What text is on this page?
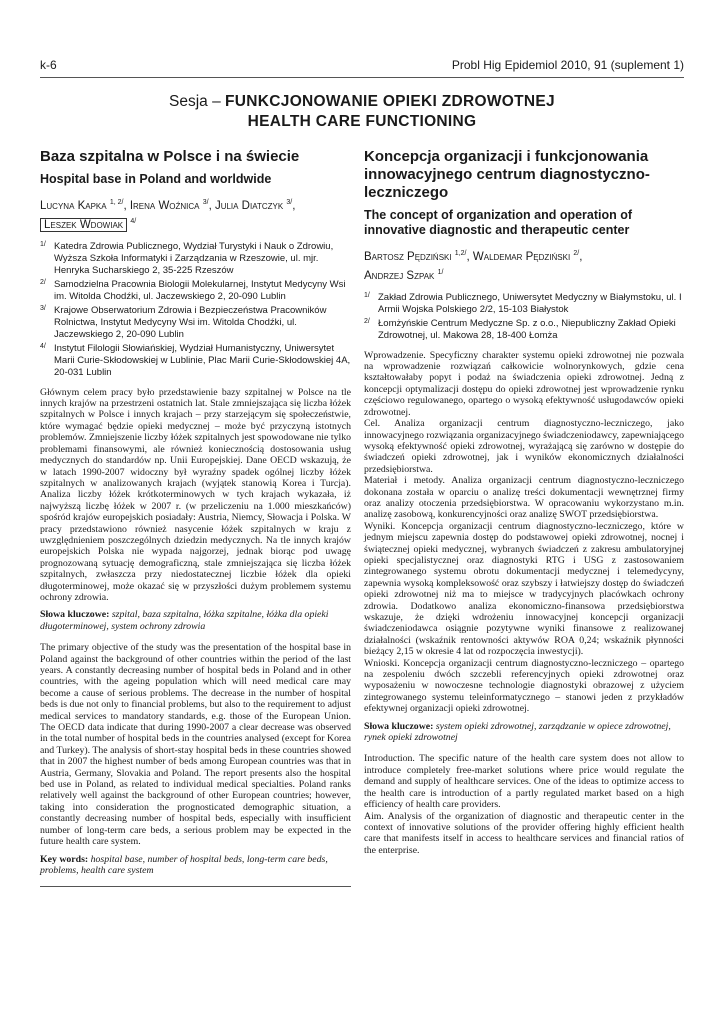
k-6	Probl Hig Epidemiol 2010, 91 (suplement 1)
Sesja – FUNKCJONOWANIE OPIEKI ZDROWOTNEJ
HEALTH CARE FUNCTIONING
Baza szpitalna w Polsce i na świecie
Hospital base in Poland and worldwide
Lucyna Kapka $^{1, 2/}$, Irena Woźnica $^{3/}$, Julia Diatczyk $^{3/}$,
Leszek Wdowiak $^{4/}$
1/ Katedra Zdrowia Publicznego, Wydział Turystyki i Nauk o Zdrowiu, Wyższa Szkoła Informatyki i Zarządzania w Rzeszowie, ul. mjr. Henryka Sucharskiego 2, 35-225 Rzeszów
2/ Samodzielna Pracownia Biologii Molekularnej, Instytut Medycyny Wsi im. Witolda Chodźki, ul. Jaczewskiego 2, 20-090 Lublin
3/ Krajowe Obserwatorium Zdrowia i Bezpieczeństwa Pracowników Rolnictwa, Instytut Medycyny Wsi im. Witolda Chodźki, ul. Jaczewskiego 2, 20-090 Lublin
4/ Instytut Filologii Słowiańskiej, Wydział Humanistyczny, Uniwersytet Marii Curie-Skłodowskiej w Lublinie, Plac Marii Curie-Skłodowskiej 4A, 20-031 Lublin

Głównym celem pracy było przedstawienie bazy szpitalnej w Polsce na tle innych krajów na przestrzeni ostatnich lat. Stale zmniejszająca się liczba łóżek szpitalnych w Polsce i innych krajach – przy starzejącym się społeczeństwie, które wymagać będzie opieki medycznej – może być przyczyną istotnych problemów. Zmniejszenie liczby łóżek szpitalnych jest spowodowane nie tylko problemami finansowymi, ale również koniecznością dostosowania usług medycznych do standardów np. Unii Europejskiej. Dane OECD wskazują, że w latach 1990-2007 widoczny był wyraźny spadek ogólnej liczby łóżek szpitalnych w analizowanych krajach (wyjątek stanowią Korea i Turcja). Analiza liczby łóżek krótkoterminowych w tych krajach wykazała, iż najwyższą liczbę łóżek w 2007 r. (w przeliczeniu na 1.000 mieszkańców) spośród krajów europejskich posiadały: Austria, Niemcy, Słowacja i Polska. W pracy przedstawiono również nasycenie łóżek szpitalnych w kraju z uwzględnieniem poszczególnych dziedzin medycznych. Na tle innych krajów europejskich Polska nie wypada najgorzej, jednak biorąc pod uwagę prognozowaną sytuację demograficzną, stale zmniejszająca się liczba łóżek szpitalnych, zwłaszcza przy niedostatecznej liczbie łóżek dla opieki długoterminowej, może okazać się w przyszłości dużym problemem systemu ochrony zdrowia.

Słowa kluczowe: szpital, baza szpitalna, łóżka szpitalne, łóżka dla opieki długoterminowej, system ochrony zdrowia

The primary objective of the study was the presentation of the hospital base in Poland against the background of other countries within the period of the last years. A constantly decreasing number of hospital beds in Poland and in other countries, with the ageing population which will need medical care may become a cause of serious problems. The decrease in the number of hospital beds is due not only to financial problems, but also to the requirement to adjust medical services to mandatory standards, e.g. those of the European Union. The OECD data indicate that during 1990-2007 a clear decrease was observed in the total number of hospital beds in the countries analysed (except for Korea and Turkey). The analysis of short-stay hospital beds in these countries showed that in 2007 the highest number of beds among European countries was that in Austria, Germany, Slovakia and Poland. The report presents also the hospital bed use in Poland, as related to individual medical specialties. Poland ranks relatively well against the background of other European countries; however, taking into consideration the prognosticated demographic situation, a constantly decreasing number of hospital beds, especially with insufficient number of long-term care beds, a serious problem may be expected in the future health care system.

Key words: hospital base, number of hospital beds, long-term care beds, problems, health care system
Koncepcja organizacji i funkcjonowania innowacyjnego centrum diagnostyczno-leczniczego
The concept of organization and operation of innovative diagnostic and therapeutic center
Bartosz Pędziński $^{1,2/}$, Waldemar Pędziński $^{2/}$,
Andrzej Szpak $^{1/}$
1/ Zakład Zdrowia Publicznego, Uniwersytet Medyczny w Białymstoku, ul. I Armii Wojska Polskiego 2/2, 15-103 Białystok
2/ Łomżyńskie Centrum Medyczne Sp. z o.o., Niepubliczny Zakład Opieki Zdrowotnej, ul. Makowa 28, 18-400 Łomża

Wprowadzenie. Specyficzny charakter systemu opieki zdrowotnej nie pozwala na wprowadzenie rozwiązań całkowicie wolnorynkowych, gdzie cena kształtowałaby popyt i podaż na świadczenia opieki zdrowotnej. Jedną z koncepcji optymalizacji dostępu do opieki zdrowotnej jest wprowadzenie rynku częściowo regulowanego, opartego o wysoką efektywność usługodawców opieki zdrowotnej.

Cel. Analiza organizacji centrum diagnostyczno-leczniczego, jako innowacyjnego rozwiązania organizacyjnego świadczeniodawcy, zapewniającego wysoką efektywność opieki zdrowotnej, wyrażającą się zarówno w dostępie do świadczeń opieki zdrowotnej, jak i wyników ekonomicznych działalności przedsiębiorstwa.

Materiał i metody. Analiza organizacji centrum diagnostyczno-leczniczego dokonana została w oparciu o analizę treści dokumentacji wewnętrznej firmy oraz analizy otoczenia przedsiębiorstwa. W opracowaniu wykorzystano m.in. analizę zasobową, konkurencyjności oraz analizę SWOT przedsiębiorstwa.

Wyniki. Koncepcja organizacji centrum diagnostyczno-leczniczego, które w jednym miejscu zapewnia dostęp do podstawowej opieki zdrowotnej, nocnej i świątecznej opieki medycznej, wybranych świadczeń z zakresu ambulatoryjnej opieki specjalistycznej oraz diagnostyki RTG i USG z zastosowaniem zintegrowanego systemu obrotu dokumentacji medycznej i telemedycyny, zapewnia wysoką kompleksowość oraz szybszy i łatwiejszy dostęp do świadczeń opieki zdrowotnej niż ma to miejsce w tradycyjnych placówkach ochrony zdrowia. Dodatkowo analiza ekonomiczno-finansowa przedsiębiorstwa wskazuje, że dzięki wdrożeniu innowacyjnej koncepcji organizacji świadczeniodawca osiągnie pozytywne wyniki finansowe z realizowanej działalności (wskaźnik rentowności aktywów ROA 0,24; wskaźnik płynności bieżący 2,15 w okresie 4 lat od rozpoczęcia inwestycji).

Wnioski. Koncepcja organizacji centrum diagnostyczno-leczniczego – opartego na zespoleniu dwóch szczebli referencyjnych opieki zdrowotnej oraz wyposażeniu w nowoczesne technologie diagnostyki obrazowej z użyciem zintegrowanego systemu teleinformatycznego – stanowi jeden z przykładów efektywnej organizacji opieki zdrowotnej.

Słowa kluczowe: system opieki zdrowotnej, zarządzanie w opiece zdrowotnej, rynek opieki zdrowotnej

Introduction. The specific nature of the health care system does not allow to introduce completely free-market solutions where price would regulate the demand and supply of healthcare services. One of the ideas to optimize access to the health care is introduction of a partly regulated market based on a high efficiency of health care providers.

Aim. Analysis of the organization of diagnostic and therapeutic center in the context of innovative solutions of the provider offering highly efficient health care that manifests itself in access to healthcare services and financial ratios of the enterprise.
